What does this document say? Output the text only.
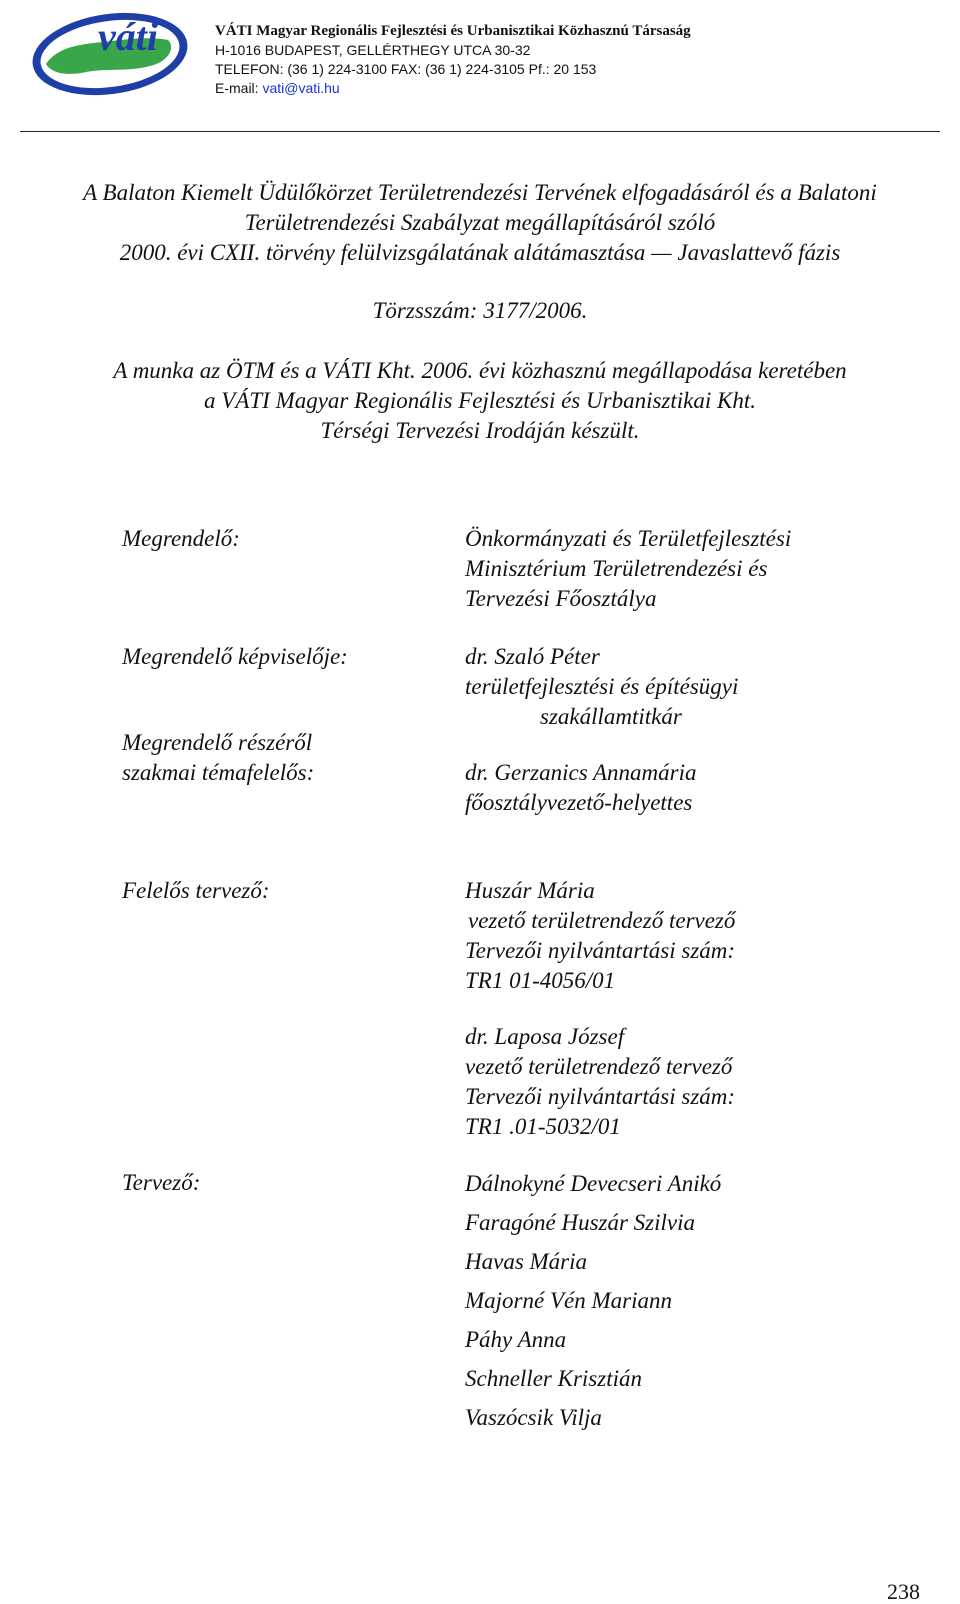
váti	VÁTI Magyar Regionális Fejlesztési és Urbanisztikai Közhasznú Társaság
H-1016 BUDAPEST, GELLÉRTHEGY UTCA 30-32
TELEFON: (36 1) 224-3100 FAX: (36 1) 224-3105 Pf.: 20 153
E-mail: vati@vati.hu
A Balaton Kiemelt Üdülőkörzet Területrendezési Tervének elfogadásáról és a Balatoni
Területrendezési Szabályzat megállapításáról szóló
2000. évi CXII. törvény felülvizsgálatának alátámasztása — Javaslattevő fázis
Törzsszám: 3177/2006.
A munka az ÖTM és a VÁTI Kht. 2006. évi közhasznú megállapodása keretében
a VÁTI Magyar Regionális Fejlesztési és Urbanisztikai Kht.
Térségi Tervezési Irodáján készült.
Megrendelő:	Önkormányzati és Területfejlesztési
Minisztérium Területrendezési és
Tervezési Főosztálya
Megrendelő képviselője:	dr. Szaló Péter
területfejlesztési és építésügyi
szakállamtitkár
Megrendelő részéről
szakmai témafelelős:	dr. Gerzanics Annamária
főosztályvezető-helyettes
Felelős tervező:	Huszár Mária
vezető területrendező tervező
Tervezői nyilvántartási szám:
TR1 01-4056/01
dr. Laposa József
vezető területrendező tervező
Tervezői nyilvántartási szám:
TR1 .01-5032/01
Tervező:	Dálnokyné Devecseri Anikó
Faragóné Huszár Szilvia
Havas Mária
Majorné Vén Mariann
Páhy Anna
Schneller Krisztián
Vaszócsik Vilja
238
